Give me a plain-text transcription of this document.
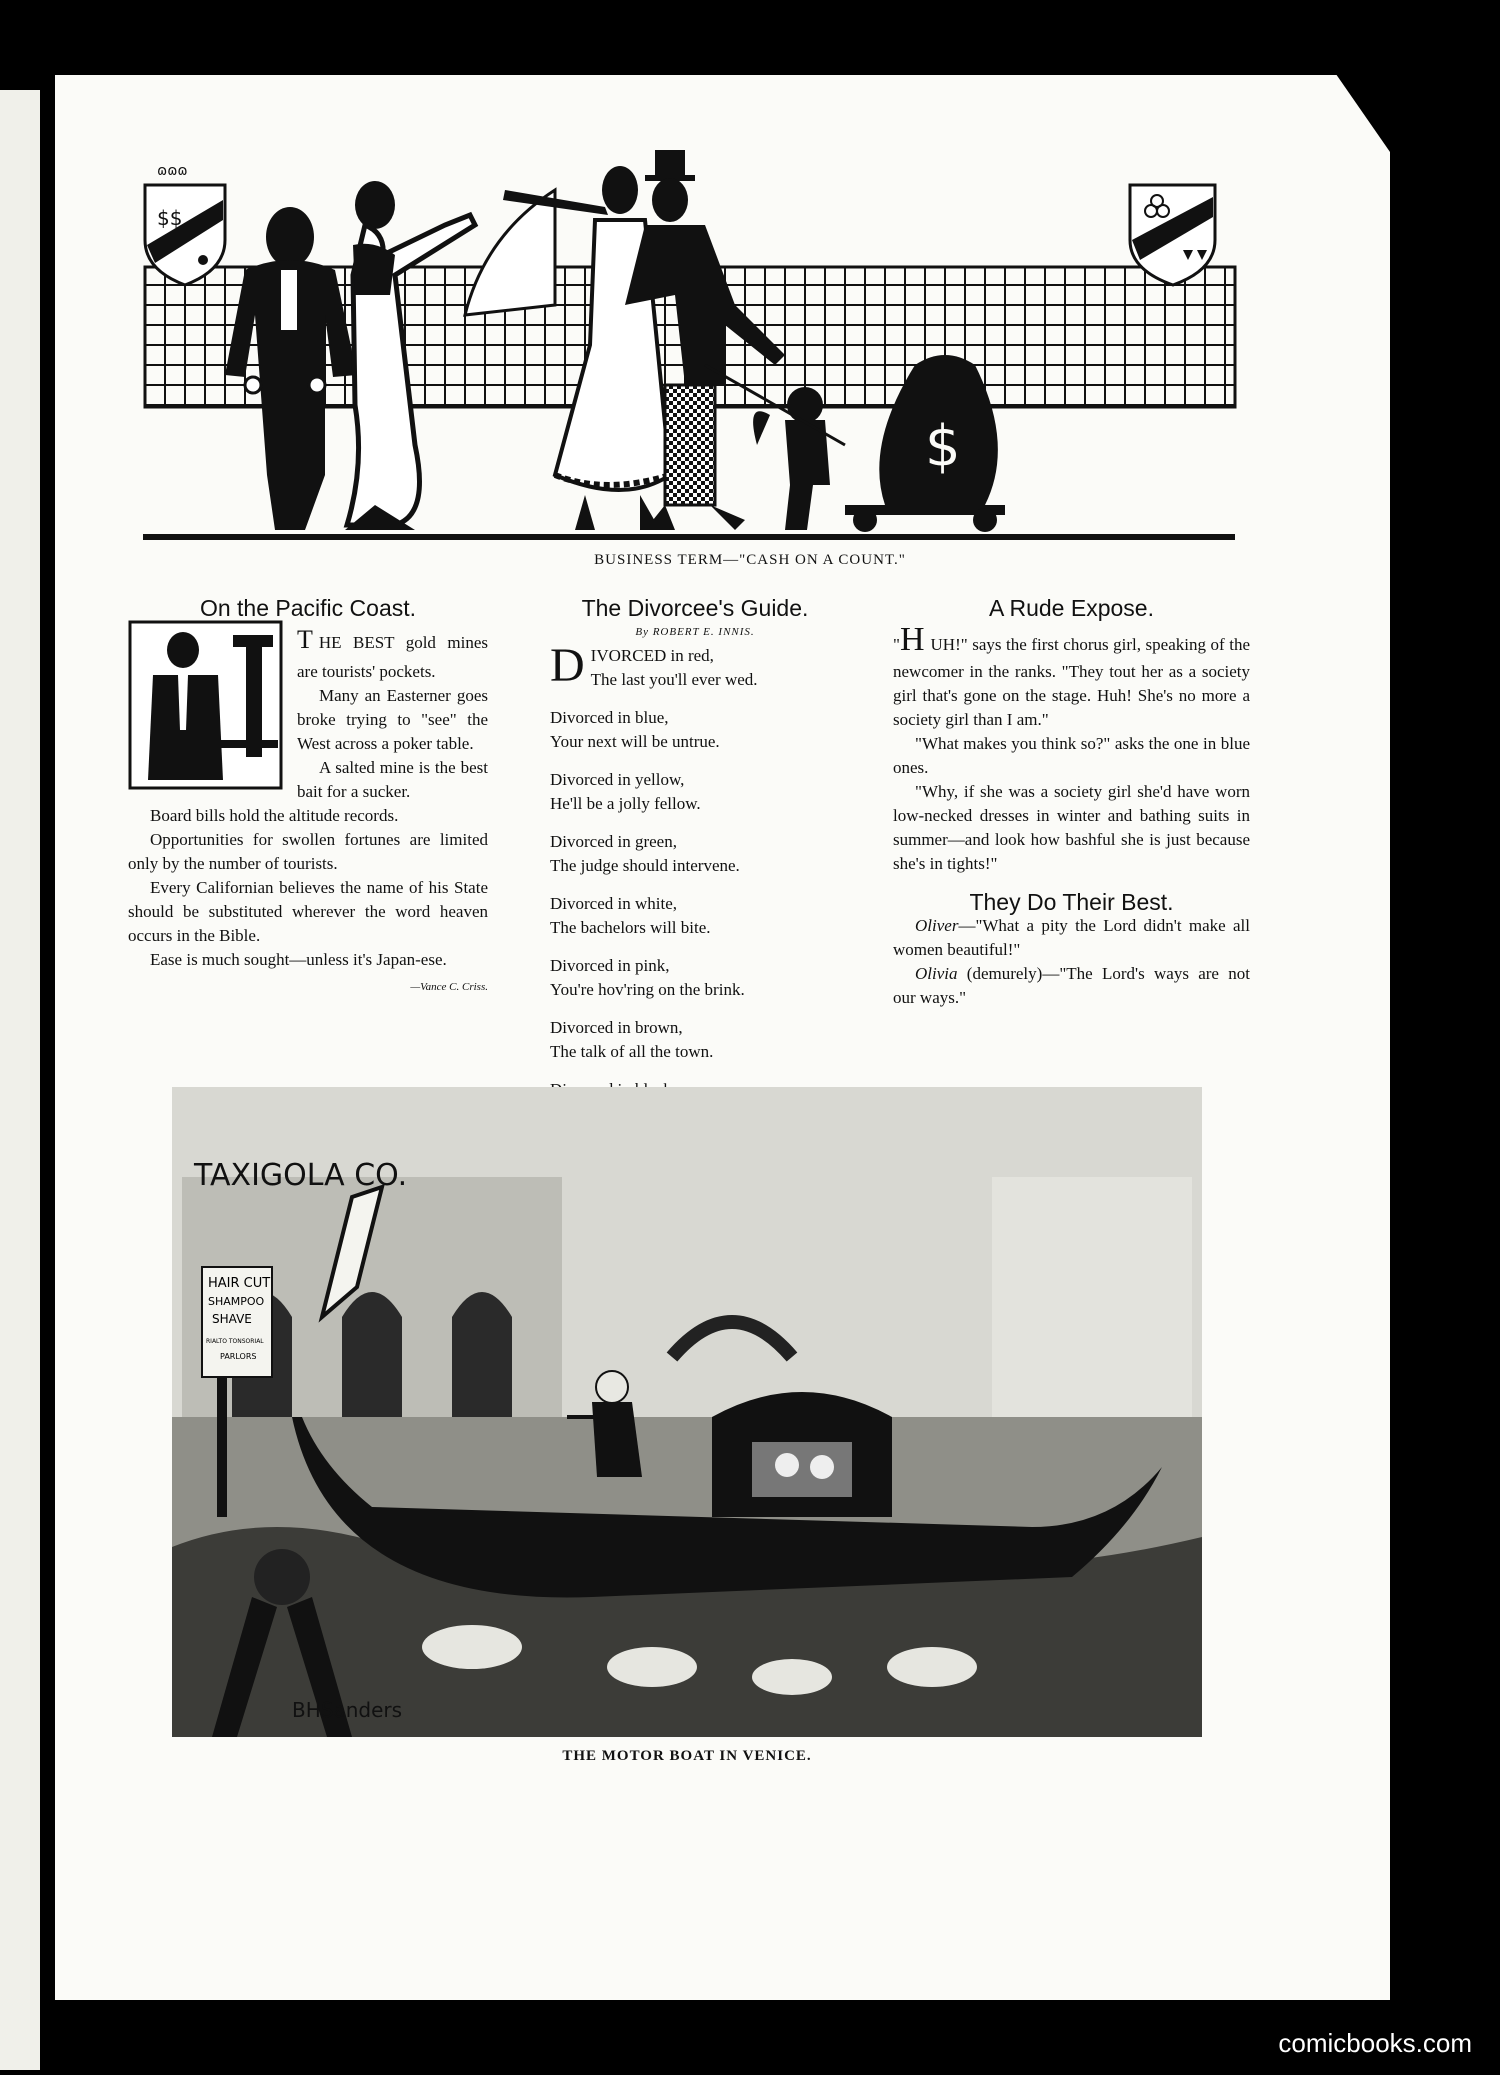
$$
ɷɷɷ
$
BUSINESS TERM—"CASH ON A COUNT."

On the Pacific Coast.

THE BEST gold mines are tourists' pockets.

Many an Easterner goes broke trying to "see" the West across a poker table.

A salted mine is the best bait for a sucker.

Board bills hold the altitude records.

Opportunities for swollen fortunes are limited only by the number of tourists.

Every Californian believes the name of his State should be substituted wherever the word heaven occurs in the Bible.

Ease is much sought—unless it's Japan-ese.
—Vance C. Criss.

The Divorcee's Guide.

By ROBERT E. INNIS.

D IVORCED in red,
The last you'll ever wed.
Divorced in blue,
Your next will be untrue.
Divorced in yellow,
He'll be a jolly fellow.
Divorced in green,
The judge should intervene.
Divorced in white,
The bachelors will bite.
Divorced in pink,
You're hov'ring on the brink.
Divorced in brown,
The talk of all the town.

A Rude Expose.

"H UH!" says the first chorus girl, speaking of the newcomer in the ranks. "They tout her as a society girl that's gone on the stage. Huh! She's no more a society girl than I am."

"What makes you think so?" asks the one in blue ones.

"Why, if she was a society girl she'd have worn low-necked dresses in winter and bathing suits in summer—and look how bashful she is just because she's in tights!"

They Do Their Best.

Oliver—"What a pity the Lord didn't make all women beautiful!"

Olivia (demurely)—"The Lord's ways are not our ways."

TAXIGOLA CO.
HAIR CUT
SHAMPOO
SHAVE
RIALTO TONSORIAL
PARLORS
BHSanders
THE MOTOR BOAT IN VENICE.
comicbooks.com
